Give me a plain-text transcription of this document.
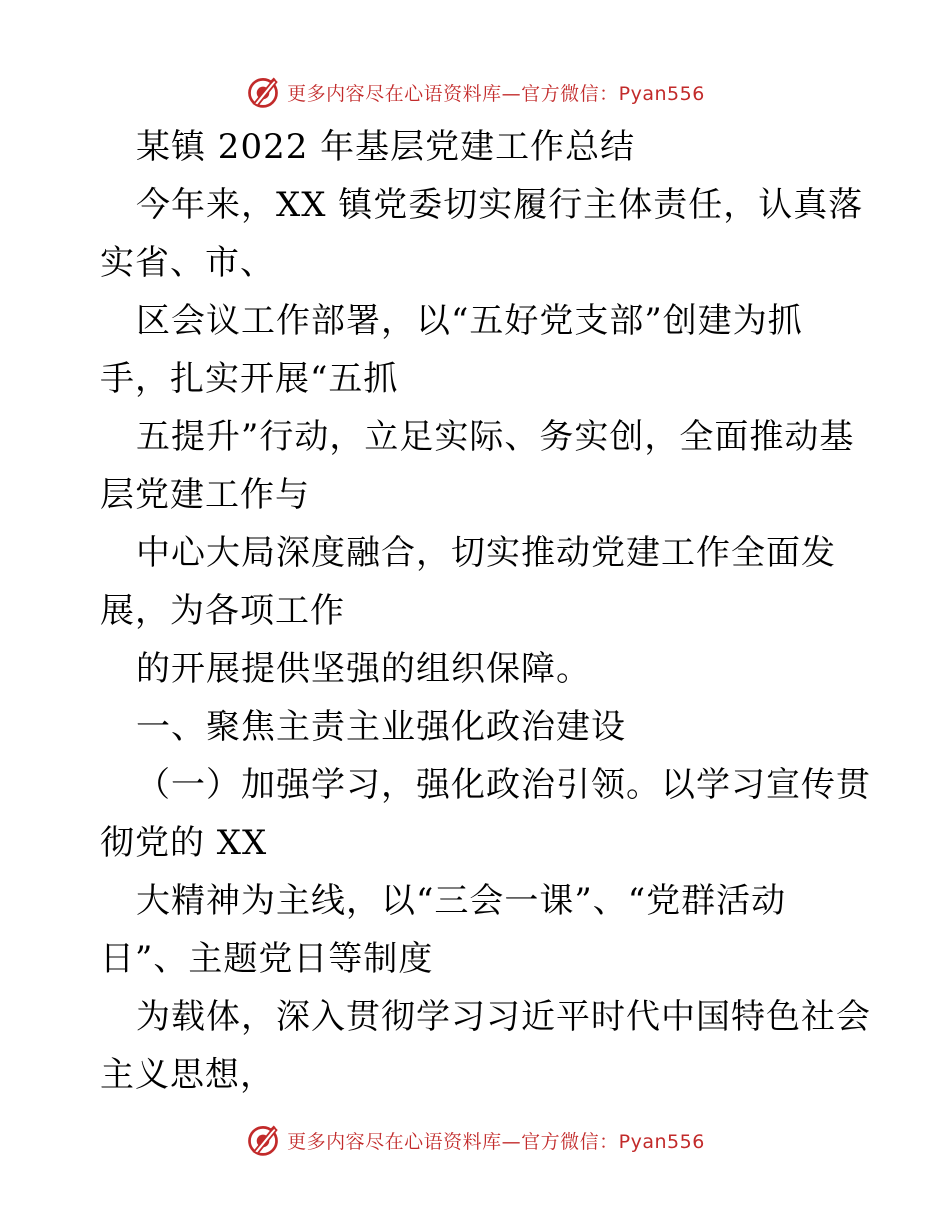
更多内容尽在心语资料库—官方微信：Pyan556
某镇 2022 年基层党建工作总结
今年来，XX 镇党委切实履行主体责任，认真落
实省、市、
区会议工作部署，以“五好党支部”创建为抓
手，扎实开展“五抓
五提升”行动，立足实际、务实创，全面推动基
层党建工作与
中心大局深度融合，切实推动党建工作全面发
展，为各项工作
的开展提供坚强的组织保障。
一、聚焦主责主业强化政治建设
（一）加强学习，强化政治引领。以学习宣传贯
彻党的 XX
大精神为主线，以“三会一课”、“党群活动
日”、主题党日等制度
为载体，深入贯彻学习习近平时代中国特色社会
主义思想，
更多内容尽在心语资料库—官方微信：Pyan556
